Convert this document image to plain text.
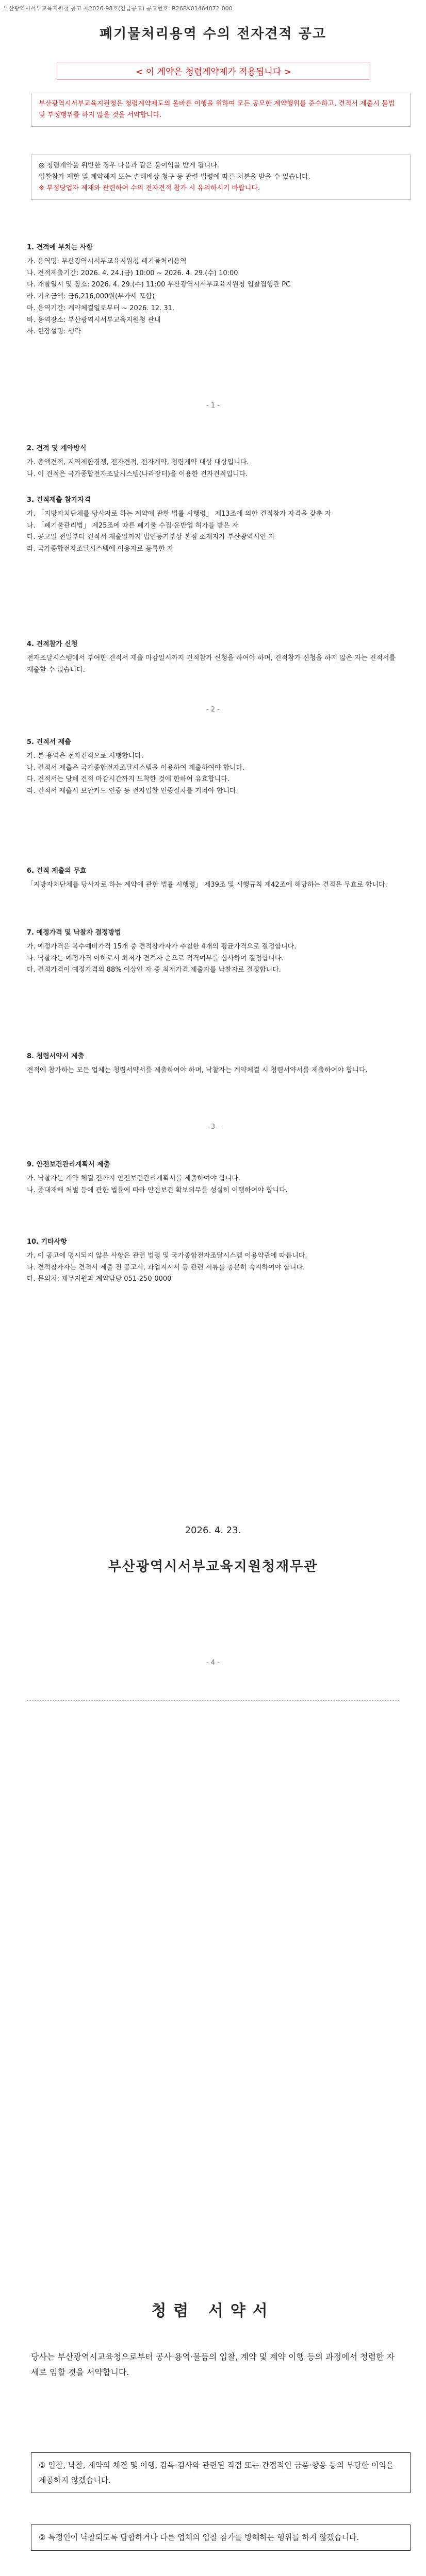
부산광역시서부교육지원청 공고 제2026-98호(긴급공고) 공고번호: R26BK01464872-000
폐기물처리용역 수의 전자견적 공고
< 이 계약은 청렴계약제가 적용됩니다 >
부산광역시서부교육지원청은 청렴계약제도의 올바른 이행을 위하여 모든 공모한 계약행위를 준수하고, 견적서 제출시 불법 및 부정행위를 하지 않을 것을 서약합니다.
◎ 청렴계약을 위반한 경우 다음과 같은 불이익을 받게 됩니다.
입찰참가 제한 및 계약해지 또는 손해배상 청구 등 관련 법령에 따른 처분을 받을 수 있습니다.
※ 부정당업자 제재와 관련하여 수의 전자견적 참가 시 유의하시기 바랍니다.
1. 견적에 부치는 사항
가. 용역명: 부산광역시서부교육지원청 폐기물처리용역
나. 견적제출기간: 2026. 4. 24.(금) 10:00 ~ 2026. 4. 29.(수) 10:00
다. 개찰일시 및 장소: 2026. 4. 29.(수) 11:00 부산광역시서부교육지원청 입찰집행관 PC
라. 기초금액: 금6,216,000원(부가세 포함)
마. 용역기간: 계약체결일로부터 ~ 2026. 12. 31.
바. 용역장소: 부산광역시서부교육지원청 관내
사. 현장설명: 생략
- 1 -
2. 견적 및 계약방식
가. 총액견적, 지역제한경쟁, 전자견적, 전자계약, 청렴계약 대상 대상입니다.
나. 이 견적은 국가종합전자조달시스템(나라장터)을 이용한 전자견적입니다.
3. 견적제출 참가자격
가. 「지방자치단체를 당사자로 하는 계약에 관한 법률 시행령」 제13조에 의한 견적참가 자격을 갖춘 자
나. 「폐기물관리법」 제25조에 따른 폐기물 수집·운반업 허가를 받은 자
다. 공고일 전일부터 견적서 제출일까지 법인등기부상 본점 소재지가 부산광역시인 자
라. 국가종합전자조달시스템에 이용자로 등록한 자
4. 견적참가 신청
전자조달시스템에서 부여한 견적서 제출 마감일시까지 견적참가 신청을 하여야 하며, 견적참가 신청을 하지 않은 자는 견적서를 제출할 수 없습니다.
- 2 -
5. 견적서 제출
가. 본 용역은 전자견적으로 시행합니다.
나. 견적서 제출은 국가종합전자조달시스템을 이용하여 제출하여야 합니다.
다. 견적서는 당해 견적 마감시간까지 도착한 것에 한하여 유효합니다.
라. 견적서 제출시 보안카드 인증 등 전자입찰 인증절차를 거쳐야 합니다.
6. 견적 제출의 무효
「지방자치단체를 당사자로 하는 계약에 관한 법률 시행령」 제39조 및 시행규칙 제42조에 해당하는 견적은 무효로 합니다.
7. 예정가격 및 낙찰자 결정방법
가. 예정가격은 복수예비가격 15개 중 견적참가자가 추첨한 4개의 평균가격으로 결정합니다.
나. 낙찰자는 예정가격 이하로서 최저가 견적자 순으로 적격여부를 심사하여 결정합니다.
다. 견적가격이 예정가격의 88% 이상인 자 중 최저가격 제출자를 낙찰자로 결정합니다.
8. 청렴서약서 제출
견적에 참가하는 모든 업체는 청렴서약서를 제출하여야 하며, 낙찰자는 계약체결 시 청렴서약서를 제출하여야 합니다.
- 3 -
9. 안전보건관리계획서 제출
가. 낙찰자는 계약 체결 전까지 안전보건관리계획서를 제출하여야 합니다.
나. 중대재해 처벌 등에 관한 법률에 따라 안전보건 확보의무를 성실히 이행하여야 합니다.
10. 기타사항
가. 이 공고에 명시되지 않은 사항은 관련 법령 및 국가종합전자조달시스템 이용약관에 따릅니다.
나. 견적참가자는 견적서 제출 전 공고서, 과업지시서 등 관련 서류를 충분히 숙지하여야 합니다.
다. 문의처: 재무지원과 계약담당 051-250-0000
2026. 4. 23.
부산광역시서부교육지원청재무관
- 4 -
청렴 서약서
당사는 부산광역시교육청으로부터 공사·용역·물품의 입찰, 계약 및 계약 이행 등의 과정에서 청렴한 자세로 임할 것을 서약합니다.
① 입찰, 낙찰, 계약의 체결 및 이행, 감독·검사와 관련된 직접 또는 간접적인 금품·향응 등의 부당한 이익을 제공하지 않겠습니다.
② 특정인이 낙찰되도록 담합하거나 다른 업체의 입찰 참가를 방해하는 행위를 하지 않겠습니다.
